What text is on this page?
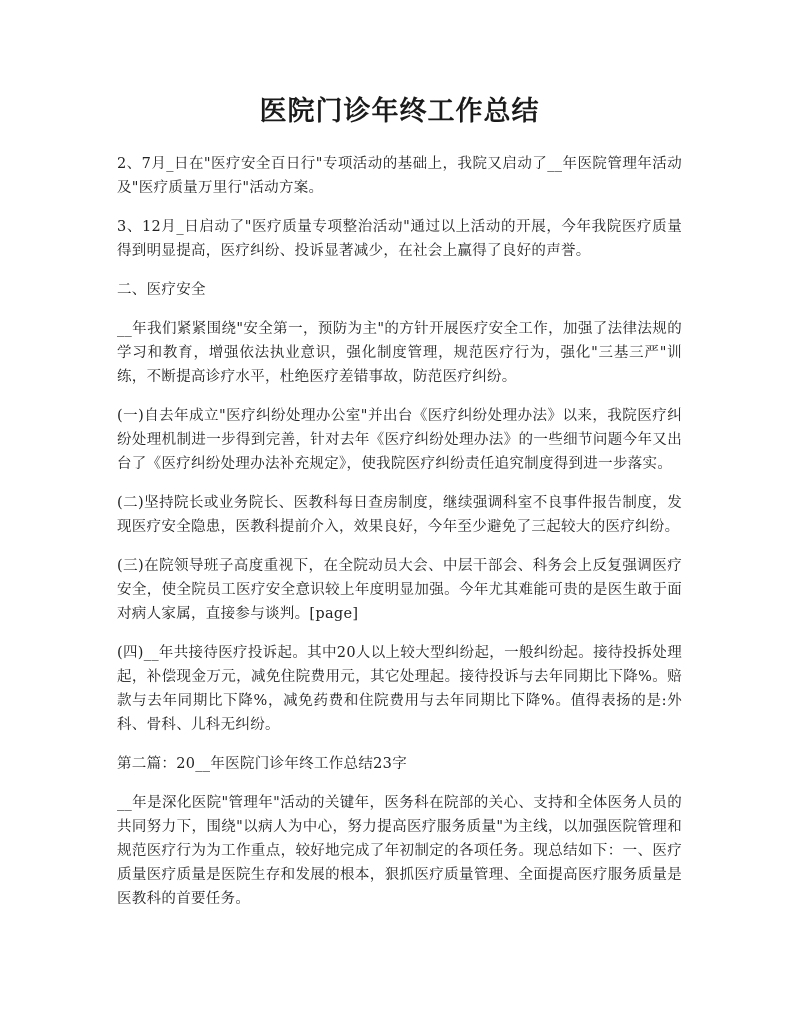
医院门诊年终工作总结

2、7月_日在"医疗安全百日行"专项活动的基础上，我院又启动了__年医院管理年活动及"医疗质量万里行"活动方案。

3、12月_日启动了"医疗质量专项整治活动"通过以上活动的开展，今年我院医疗质量得到明显提高，医疗纠纷、投诉显著减少，在社会上赢得了良好的声誉。

二、医疗安全

__年我们紧紧围绕"安全第一，预防为主"的方针开展医疗安全工作，加强了法律法规的学习和教育，增强依法执业意识，强化制度管理，规范医疗行为，强化"三基三严"训练，不断提高诊疗水平，杜绝医疗差错事故，防范医疗纠纷。

(一)自去年成立"医疗纠纷处理办公室"并出台《医疗纠纷处理办法》以来，我院医疗纠纷处理机制进一步得到完善，针对去年《医疗纠纷处理办法》的一些细节问题今年又出台了《医疗纠纷处理办法补充规定》，使我院医疗纠纷责任追究制度得到进一步落实。

(二)坚持院长或业务院长、医教科每日查房制度，继续强调科室不良事件报告制度，发现医疗安全隐患，医教科提前介入，效果良好，今年至少避免了三起较大的医疗纠纷。

(三)在院领导班子高度重视下，在全院动员大会、中层干部会、科务会上反复强调医疗安全，使全院员工医疗安全意识较上年度明显加强。今年尤其难能可贵的是医生敢于面对病人家属，直接参与谈判。[page]

(四)__年共接待医疗投诉起。其中20人以上较大型纠纷起，一般纠纷起。接待投拆处理起，补偿现金万元，减免住院费用元，其它处理起。接待投诉与去年同期比下降%。赔款与去年同期比下降%，减免药费和住院费用与去年同期比下降%。值得表扬的是:外科、骨科、儿科无纠纷。

第二篇：20__年医院门诊年终工作总结23字

__年是深化医院"管理年"活动的关键年，医务科在院部的关心、支持和全体医务人员的共同努力下，围绕"以病人为中心，努力提高医疗服务质量"为主线，以加强医院管理和规范医疗行为为工作重点，较好地完成了年初制定的各项任务。现总结如下：一、医疗质量医疗质量是医院生存和发展的根本，狠抓医疗质量管理、全面提高医疗服务质量是医教科的首要任务。
